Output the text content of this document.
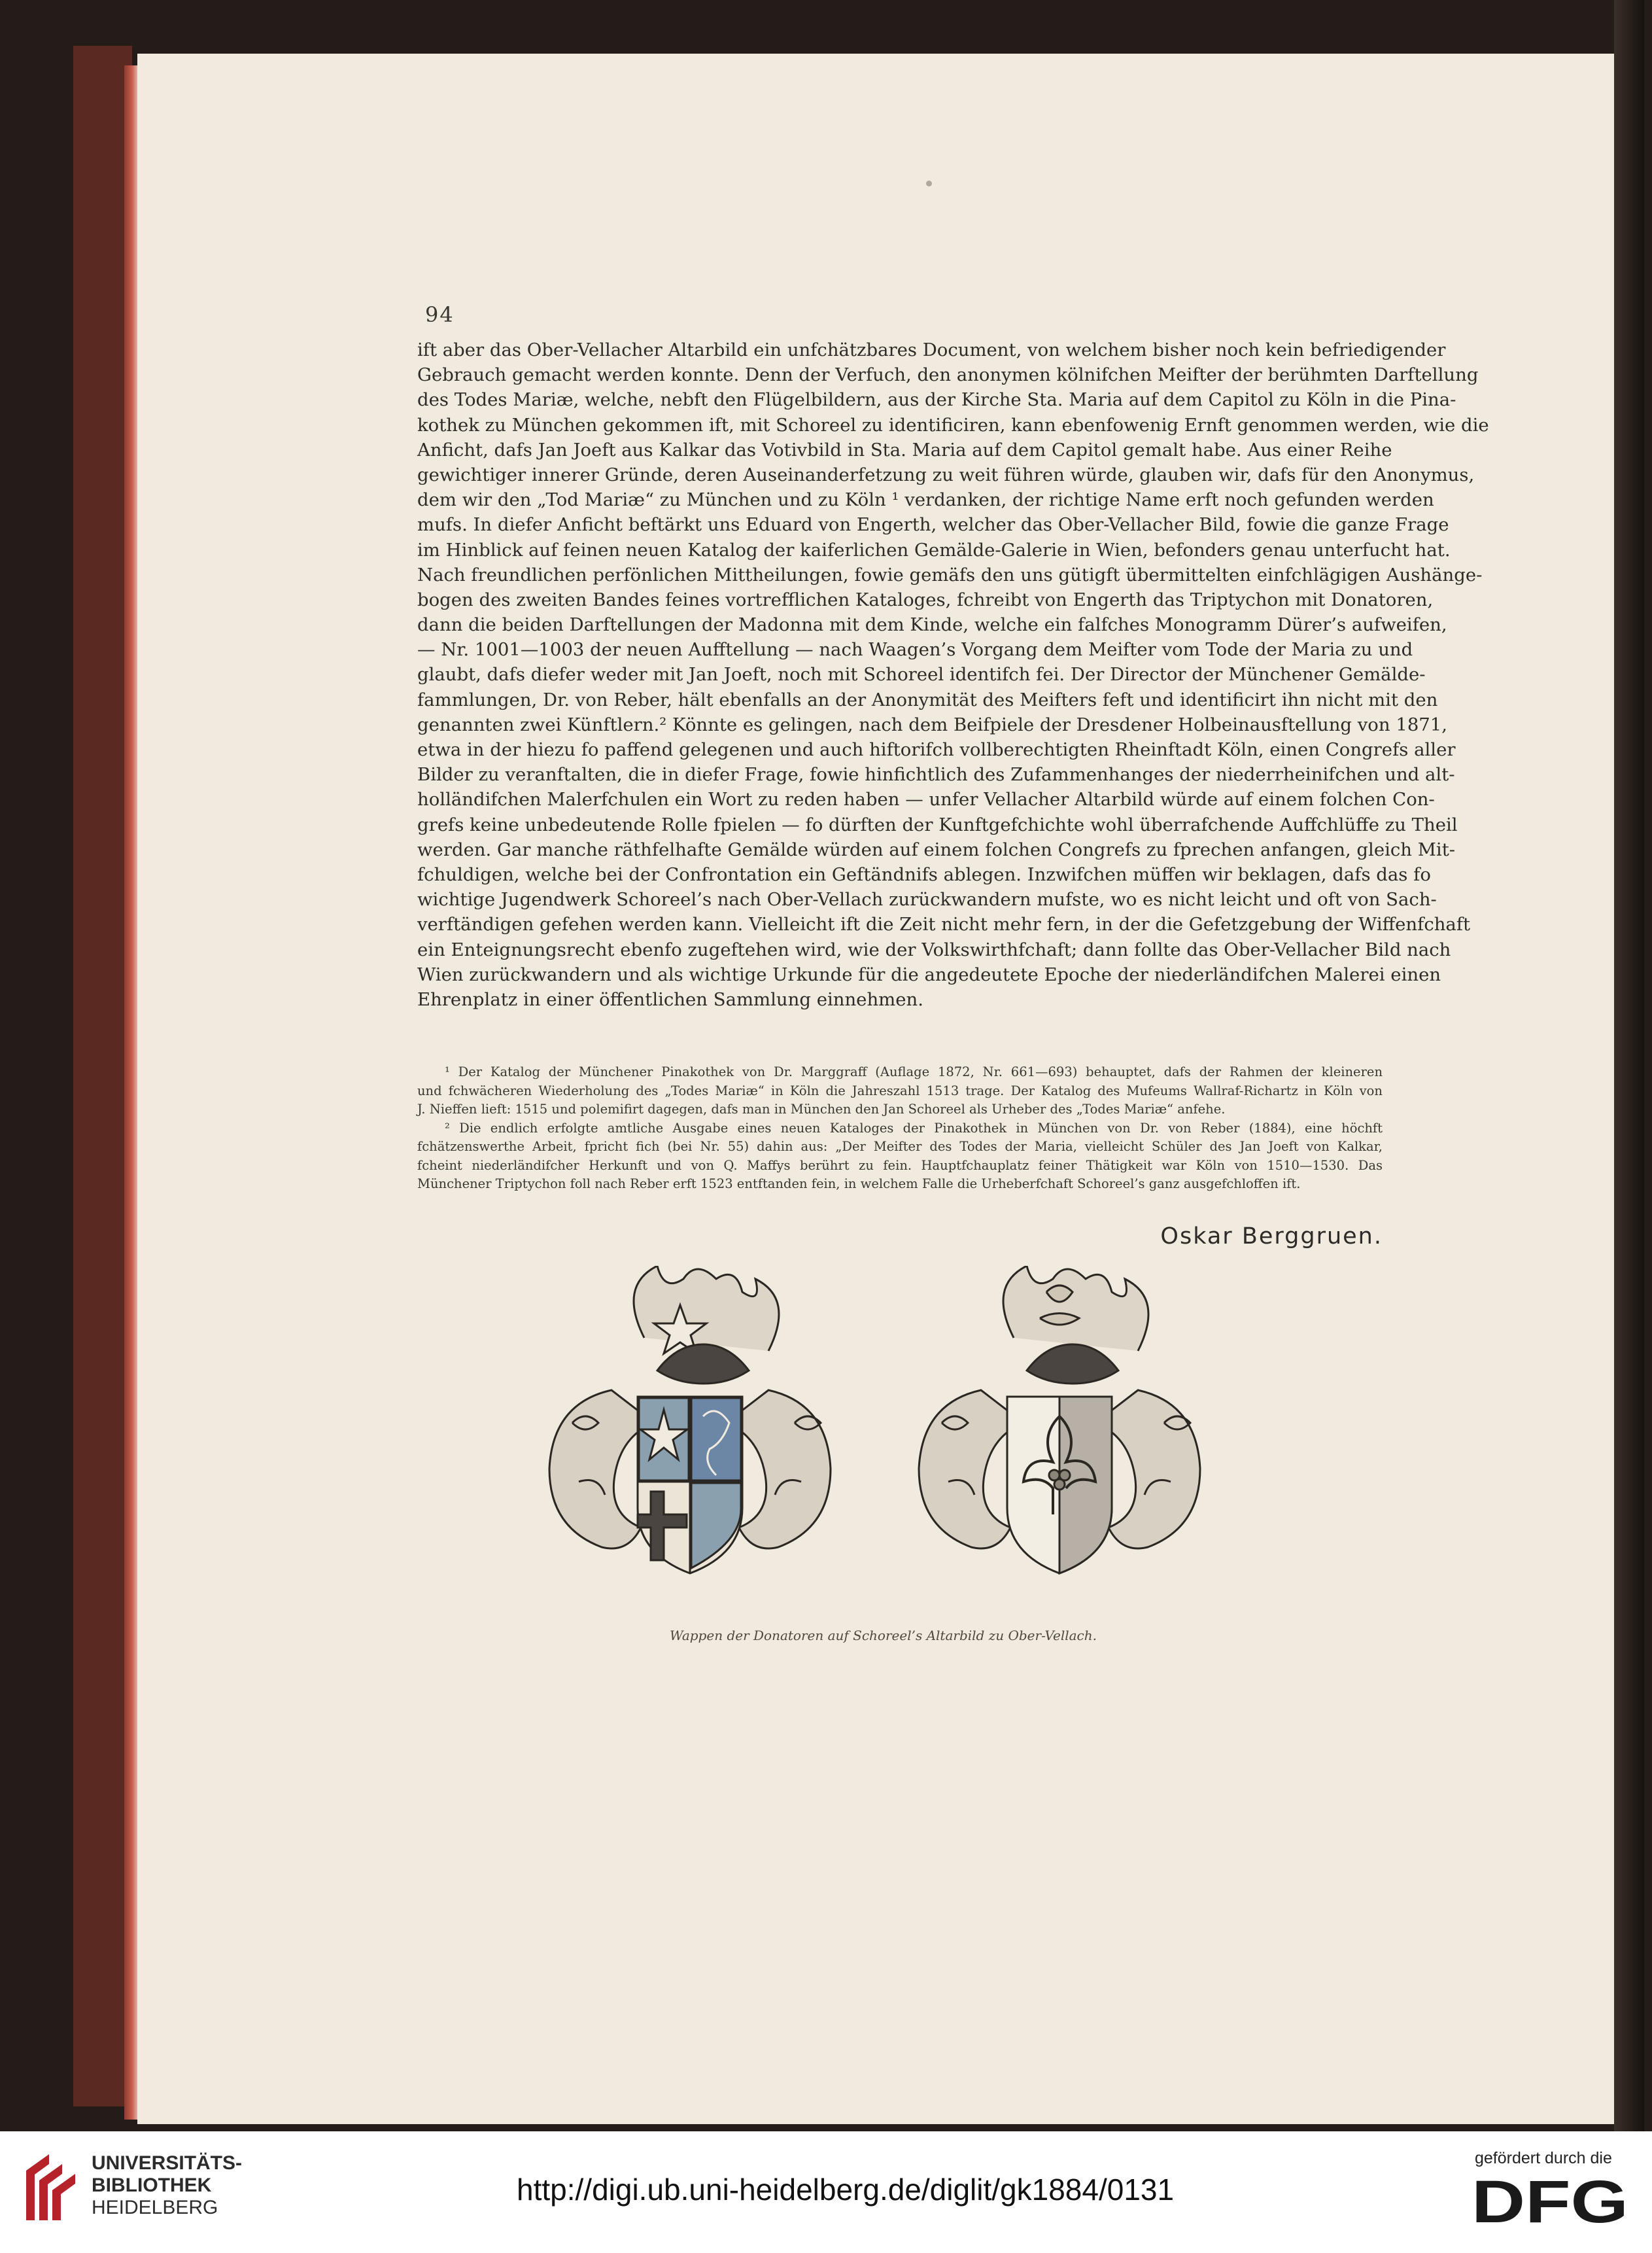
94
ift aber das Ober-Vellacher Altarbild ein unfchätzbares Document, von welchem bisher noch kein befriedigender
Gebrauch gemacht werden konnte. Denn der Verfuch, den anonymen kölnifchen Meifter der berühmten Darftellung
des Todes Mariæ, welche, nebft den Flügelbildern, aus der Kirche Sta. Maria auf dem Capitol zu Köln in die Pina-
kothek zu München gekommen ift, mit Schoreel zu identificiren, kann ebenfowenig Ernft genommen werden, wie die
Anficht, dafs Jan Joeft aus Kalkar das Votivbild in Sta. Maria auf dem Capitol gemalt habe. Aus einer Reihe
gewichtiger innerer Gründe, deren Auseinanderfetzung zu weit führen würde, glauben wir, dafs für den Anonymus,
dem wir den „Tod Mariæ“ zu München und zu Köln ¹ verdanken, der richtige Name erft noch gefunden werden
mufs. In diefer Anficht beftärkt uns Eduard von Engerth, welcher das Ober-Vellacher Bild, fowie die ganze Frage
im Hinblick auf feinen neuen Katalog der kaiferlichen Gemälde-Galerie in Wien, befonders genau unterfucht hat.
Nach freundlichen perfönlichen Mittheilungen, fowie gemäfs den uns gütigft übermittelten einfchlägigen Aushänge-
bogen des zweiten Bandes feines vortrefflichen Kataloges, fchreibt von Engerth das Triptychon mit Donatoren,
dann die beiden Darftellungen der Madonna mit dem Kinde, welche ein falfches Monogramm Dürer’s aufweifen,
— Nr. 1001—1003 der neuen Aufftellung — nach Waagen’s Vorgang dem Meifter vom Tode der Maria zu und
glaubt, dafs diefer weder mit Jan Joeft, noch mit Schoreel identifch fei. Der Director der Münchener Gemälde-
fammlungen, Dr. von Reber, hält ebenfalls an der Anonymität des Meifters feft und identificirt ihn nicht mit den
genannten zwei Künftlern.² Könnte es gelingen, nach dem Beifpiele der Dresdener Holbeinausftellung von 1871,
etwa in der hiezu fo paffend gelegenen und auch hiftorifch vollberechtigten Rheinftadt Köln, einen Congrefs aller
Bilder zu veranftalten, die in diefer Frage, fowie hinfichtlich des Zufammenhanges der niederrheinifchen und alt-
holländifchen Malerfchulen ein Wort zu reden haben — unfer Vellacher Altarbild würde auf einem folchen Con-
grefs keine unbedeutende Rolle fpielen — fo dürften der Kunftgefchichte wohl überrafchende Auffchlüffe zu Theil
werden. Gar manche räthfelhafte Gemälde würden auf einem folchen Congrefs zu fprechen anfangen, gleich Mit-
fchuldigen, welche bei der Confrontation ein Geftändnifs ablegen. Inzwifchen müffen wir beklagen, dafs das fo
wichtige Jugendwerk Schoreel’s nach Ober-Vellach zurückwandern mufste, wo es nicht leicht und oft von Sach-
verftändigen gefehen werden kann. Vielleicht ift die Zeit nicht mehr fern, in der die Gefetzgebung der Wiffenfchaft
ein Enteignungsrecht ebenfo zugeftehen wird, wie der Volkswirthfchaft; dann follte das Ober-Vellacher Bild nach
Wien zurückwandern und als wichtige Urkunde für die angedeutete Epoche der niederländifchen Malerei einen
Ehrenplatz in einer öffentlichen Sammlung einnehmen.
¹ Der Katalog der Münchener Pinakothek von Dr. Marggraff (Auflage 1872, Nr. 661—693) behauptet, dafs der Rahmen der kleineren
und fchwächeren Wiederholung des „Todes Mariæ“ in Köln die Jahreszahl 1513 trage. Der Katalog des Mufeums Wallraf-Richartz in Köln von
J. Nieffen lieft: 1515 und polemifirt dagegen, dafs man in München den Jan Schoreel als Urheber des „Todes Mariæ“ anfehe.
² Die endlich erfolgte amtliche Ausgabe eines neuen Kataloges der Pinakothek in München von Dr. von Reber (1884), eine höchft
fchätzenswerthe Arbeit, fpricht fich (bei Nr. 55) dahin aus: „Der Meifter des Todes der Maria, vielleicht Schüler des Jan Joeft von Kalkar,
fcheint niederländifcher Herkunft und von Q. Maffys berührt zu fein. Hauptfchauplatz feiner Thätigkeit war Köln von 1510—1530. Das
Münchener Triptychon foll nach Reber erft 1523 entftanden fein, in welchem Falle die Urheberfchaft Schoreel’s ganz ausgefchloffen ift.
Oskar Berggruen.
Wappen der Donatoren auf Schoreel’s Altarbild zu Ober-Vellach.
UNIVERSITÄTS-
BIBLIOTHEK
HEIDELBERG
http://digi.ub.uni-heidelberg.de/diglit/gk1884/0131
gefördert durch die
DFG
